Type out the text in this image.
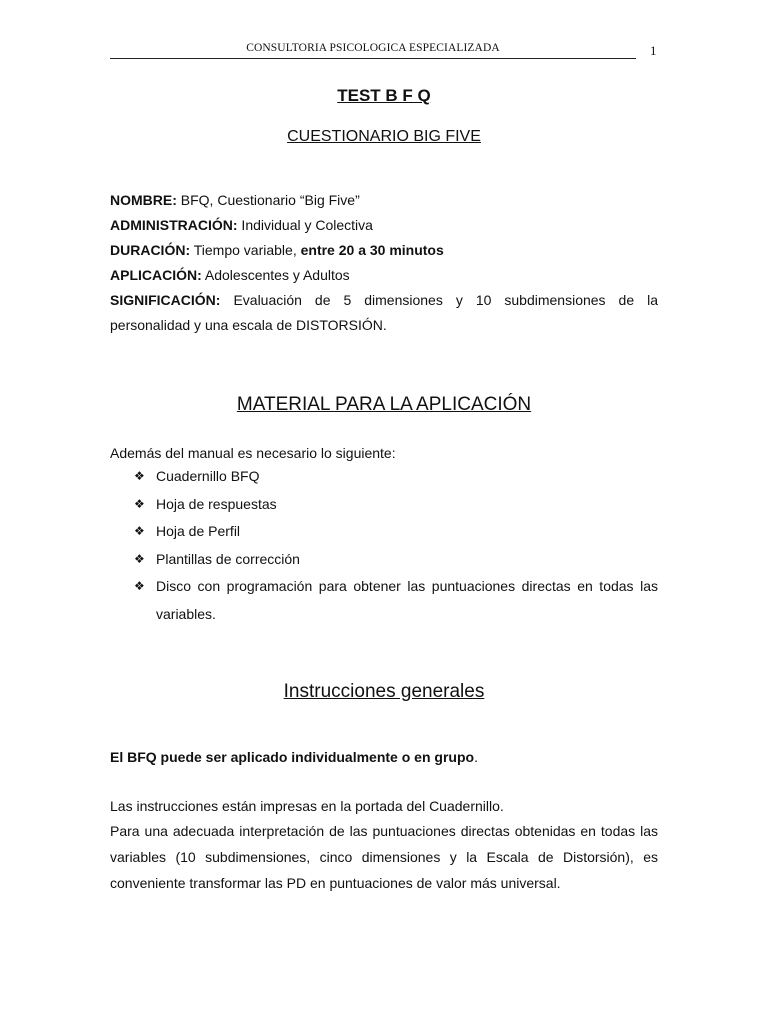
CONSULTORIA PSICOLOGICA ESPECIALIZADA	1
TEST B F Q
CUESTIONARIO BIG FIVE
NOMBRE: BFQ, Cuestionario “Big Five”
ADMINISTRACIÓN: Individual y Colectiva
DURACIÓN: Tiempo variable, entre 20 a 30 minutos
APLICACIÓN: Adolescentes y Adultos
SIGNIFICACIÓN: Evaluación de 5 dimensiones y 10 subdimensiones de la personalidad y una escala de DISTORSIÓN.
MATERIAL PARA LA APLICACIÓN
Además del manual es necesario lo siguiente:
❖ Cuadernillo BFQ
❖ Hoja de respuestas
❖ Hoja de Perfil
❖ Plantillas de corrección
❖ Disco con programación para obtener las puntuaciones directas en todas las variables.
Instrucciones generales
El BFQ puede ser aplicado individualmente o en grupo.
Las instrucciones están impresas en la portada del Cuadernillo.
Para una adecuada interpretación de las puntuaciones directas obtenidas en todas las variables (10 subdimensiones, cinco dimensiones y la Escala de Distorsión), es conveniente transformar las PD en puntuaciones de valor más universal.
